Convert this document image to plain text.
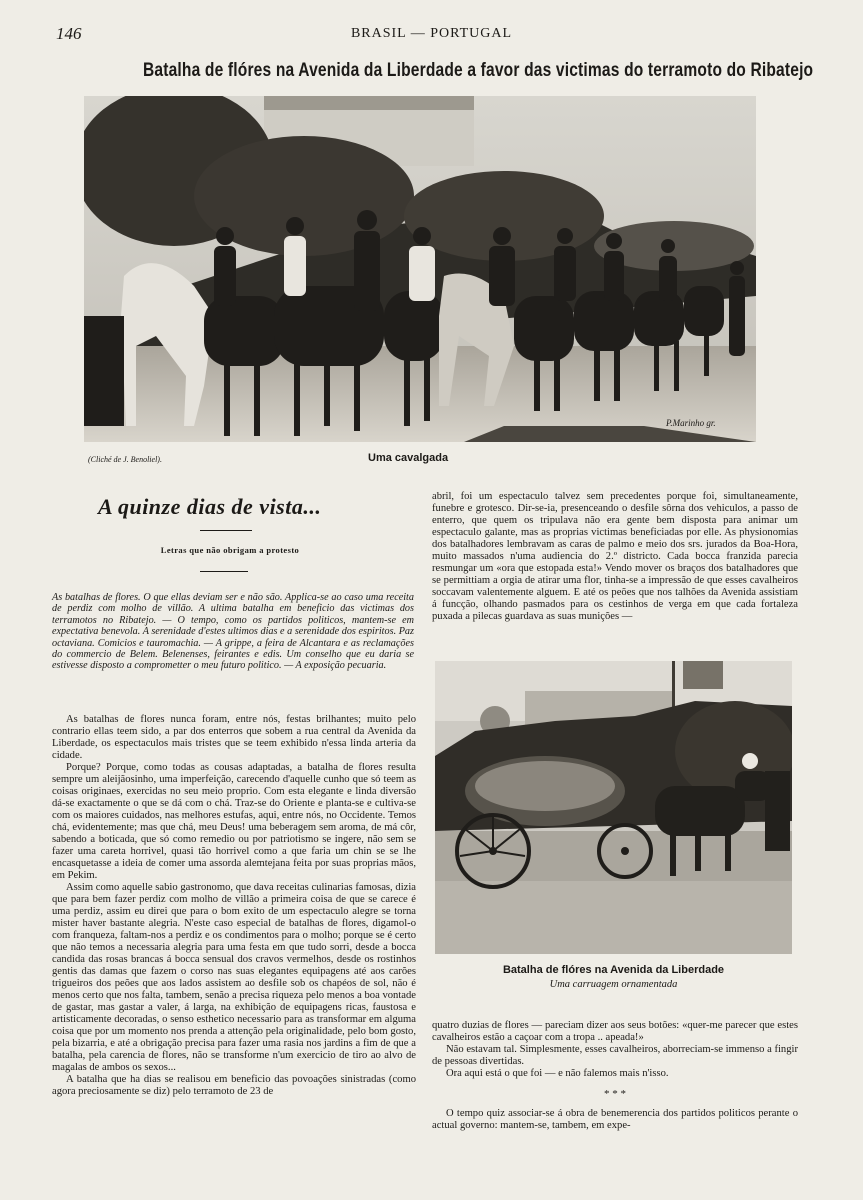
146	BRASIL — PORTUGAL
Batalha de flóres na Avenida da Liberdade a favor das victimas do terramoto do Ribatejo
P.Marinho gr.
(Cliché de J. Benoliel).	Uma cavalgada
A quinze dias de vista...
Letras que não obrigam a protesto
As batalhas de flores. O que ellas deviam ser e não são. Applica-se ao caso uma receita de perdiz com molho de villão. A ultima batalha em beneficio das victimas dos terramotos no Ribatejo. — O tempo, como os partidos politicos, mantem-se em expectativa benevola. A serenidade d'estes ultimos dias e a serenidade dos espiritos. Paz octaviana. Comicios e tauromachia. — A grippe, a feira de Alcantara e as reclamações do commercio de Belem. Belenenses, feirantes e edis. Um conselho que eu daria se estivesse disposto a comprometter o meu futuro politico. — A exposição pecuaria.

As batalhas de flores nunca foram, entre nós, festas brilhantes; muito pelo contrario ellas teem sido, a par dos enterros que sobem a rua central da Avenida da Liberdade, os espectaculos mais tristes que se teem exhibido n'essa linda arteria da cidade.

Porque? Porque, como todas as cousas adaptadas, a batalha de flores resulta sempre um aleijãosinho, uma imperfeição, carecendo d'aquelle cunho que só teem as coisas originaes, exercidas no seu meio proprio. Com esta elegante e linda diversão dá-se exactamente o que se dá com o chá. Traz-se do Oriente e planta-se e cultiva-se com os maiores cuidados, nas melhores estufas, aqui, entre nós, no Occidente. Temos chá, evidentemente; mas que chá, meu Deus! uma beberagem sem aroma, de má côr, sabendo a boticada, que só como remedio ou por patriotismo se ingere, não sem se fazer uma careta horrivel, quasi tão horrivel como a que faria um chin se se lhe encasquetasse a ideia de comer uma assorda alemtejana feita por suas proprias mãos, em Pekim.

Assim como aquelle sabio gastronomo, que dava receitas culinarias famosas, dizia que para bem fazer perdiz com molho de villão a primeira coisa de que se carece é uma perdiz, assim eu direi que para o bom exito de um espectaculo alegre se torna mister haver bastante alegria. N'este caso especial de batalhas de flores, digamol-o com franqueza, faltam-nos a perdiz e os condimentos para o molho; porque se é certo que não temos a necessaria alegria para uma festa em que tudo sorri, desde a bocca candida das rosas brancas á bocca sensual dos cravos vermelhos, desde os rostinhos gentis das damas que fazem o corso nas suas elegantes equipagens até aos carões trigueiros dos peões que aos lados assistem ao desfile sob os chapéos de sol, não é menos certo que nos falta, tambem, senão a precisa riqueza pelo menos a boa vontade de gastar, mas gastar a valer, á larga, na exhibição de equipagens ricas, faustosa e artisticamente decoradas, o senso esthetico necessario para as transformar em alguma coisa que por um momento nos prenda a attenção pela originalidade, pelo bom gosto, pela bizarria, e até a obrigação precisa para fazer uma rasia nos jardins a fim de que a batalha, pela carencia de flores, não se transforme n'um exercicio de tiro ao alvo de magalas de ambos os sexos...

A batalha que ha dias se realisou em beneficio das povoações sinistradas (como agora preciosamente se diz) pelo terramoto de 23 de

abril, foi um espectaculo talvez sem precedentes porque foi, simultaneamente, funebre e grotesco. Dir-se-ia, presenceando o desfile sôrna dos vehiculos, a passo de enterro, que quem os tripulava não era gente bem disposta para animar um espectaculo galante, mas as proprias victimas beneficiadas por elle. As physionomias dos batalhadores lembravam as caras de palmo e meio dos srs. jurados da Boa-Hora, muito massados n'uma audiencia do 2.º districto. Cada bocca franzida parecia resmungar um «ora que estopada esta!» Vendo mover os braços dos batalhadores que se permittiam a orgia de atirar uma flor, tinha-se a impressão de que esses cavalheiros soccavam valentemente alguem. E até os peões que nos talhões da Avenida assistiam á funcção, olhando pasmados para os cestinhos de verga em que cada fortaleza puxada a pilecas guardava as suas munições —
Batalha de flóres na Avenida da Liberdade
Uma carruagem ornamentada
quatro duzias de flores — pareciam dizer aos seus botões: «quer-me parecer que estes cavalheiros estão a caçoar com a tropa .. apeada!»

Não estavam tal. Simplesmente, esses cavalheiros, aborreciam-se immenso a fingir de pessoas divertidas.

Ora aqui está o que foi — e não falemos mais n'isso.

* * *

O tempo quiz associar-se á obra de benemerencia dos partidos politicos perante o actual governo: mantem-se, tambem, em expe-
